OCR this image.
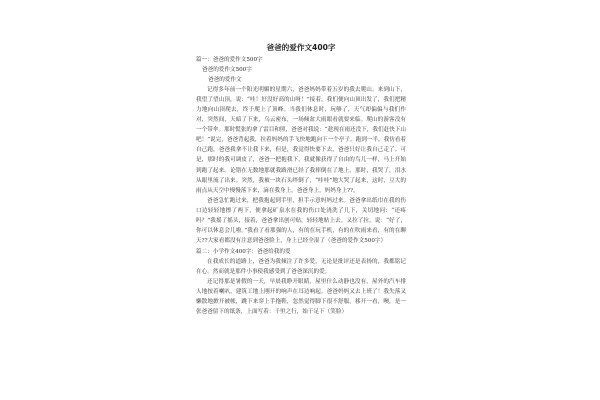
爸爸的爱作文400字

篇一：爸爸的爱作文500字

爸爸的爱作文500字

爸爸的爱作文

记得多年前一个阳光明媚的星期六，爸爸妈妈带着五岁的我去爬山。来到山下，我望了望山顶，说：“哇！好没好高的山呀！”接着，我们便向山顶出发了，我们把精力地向山顶爬去，终于爬上了顶峰。当我们休息时，玩够了，天气却偏偏与我们作对，突然间，天暗了下来，乌云密布，一场倾盆大雨眼看就要来临。爬山的游客没有一个带伞。那时慌张的拿了雷目和照，爸爸对我说：“趁现在雨还没下，我们赶快下山吧！”说完，爸爸背起我，拉着妈妈的手飞快地跑向下一个亭子。跑到一半，我仿看着自己跑，爸爸我拿不让我下来，但是，我觉得快要下去，爸爸只好让我自己走了。可是，那时的我可调皮了，爸爸一把抱我下，我就像获得了自由的鸟儿一样，马上开始到跑了起来。论错在无数地那就我路滑已经了我摔倒在了地上，那时，我哭了，泪水从眼里流了出来。突然，我被一块石头绊倒了，“哇哇”地大哭了起来，这时，豆大的雨点从天空中慢慢落下来，滴在我身上，爸爸身上，妈妈身上??。

爸爸急忙跑过来，把我抱起到手里，担手示意妈妈过来。爸爸拿出纸巾在我的伤口边轻轻地擦了两下，便拿起矿泉水在我的伤口处浇洗了几下，关切地问：“还疼吗？”我摇了摇头，接着，爸爸拿出创可贴，轻轻地贴上去。又拉了拉，说：“好了，你可以休息会儿啦。”我看了看那强的人，有的在玩手机，有的在吹雨来看，有的在聊天??大家看都没有注意到爸爸脸上，身上已经全湿了（爸爸的爱作文500字）

篇二：小学作文400字：爸爸给我的爱

在我成长的道路上，爸爸为我倾注了许多爱，无论是批评还是表扬的，我都铭记在心。然而就是那件小事使我感受到了爸爸深沉的爱。

还记得那是暑假的一天，早晨我睁开眼睛，屋里什么动静也没有，屋外的汽车排人地按着喇叭，建筑工地上刚开的响声在耳边响起。爸爸妈妈又去上班了！我失落又懒散地掀开被帐，跳下来穿上手拖鞋，忽然觉得脚下很不舒服，移开一看，噢，是一张爸爸留下的纸条，上面写着：千里之行，始于足下（笑脸）
